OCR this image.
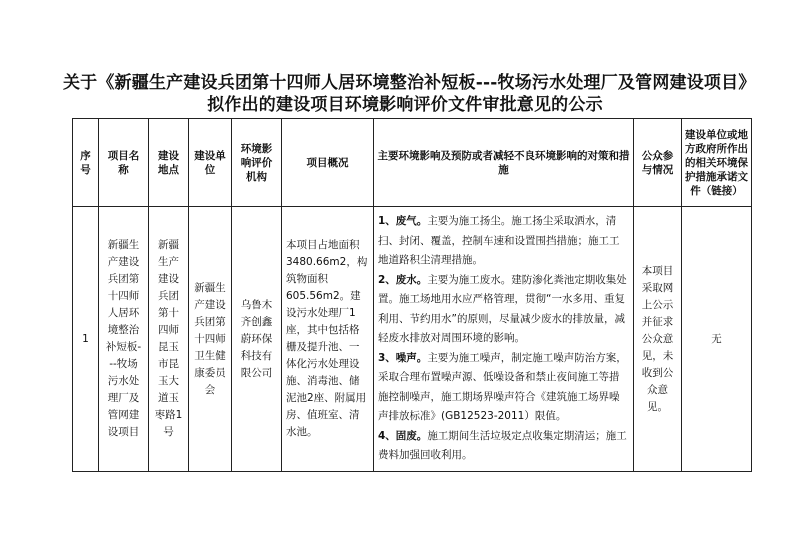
关于《新疆生产建设兵团第十四师人居环境整治补短板---牧场污水处理厂及管网建设项目》拟作出的建设项目环境影响评价文件审批意见的公示
序号	项目名称	建设地点	建设单位	环境影响评价机构	项目概况	主要环境影响及预防或者减轻不良环境影响的对策和措施	公众参与情况	建设单位或地方政府所作出的相关环境保护措施承诺文件（链接）
1	新疆生产建设兵团第十四师人居环境整治补短板---牧场污水处理厂及管网建设项目	新疆生产建设兵团第十四师昆玉市昆玉大道玉枣路1号	新疆生产建设兵团第十四师卫生健康委员会	乌鲁木齐创鑫蔚环保科技有限公司	本项目占地面积3480.66m2，构筑物面积605.56m2。建设污水处理厂1座，其中包括格栅及提升池、一体化污水处理设施、消毒池、储泥池2座、附属用房、值班室、清水池。	1、废气。主要为施工扬尘。施工扬尘采取洒水，清扫、封闭、覆盖，控制车速和设置围挡措施；施工工地道路积尘清理措施。
2、废水。主要为施工废水。建防渗化粪池定期收集处置。施工场地用水应严格管理，贯彻“一水多用、重复利用、节约用水”的原则，尽量减少废水的排放量，减轻废水排放对周围环境的影响。
3、噪声。主要为施工噪声，制定施工噪声防治方案，采取合理布置噪声源、低噪设备和禁止夜间施工等措施控制噪声，施工期场界噪声符合《建筑施工场界噪声排放标准》(GB12523-2011）限值。
4、固废。施工期间生活垃圾定点收集定期清运；施工费料加强回收利用。	本项目采取网上公示并征求公众意见，未收到公众意见。	无
